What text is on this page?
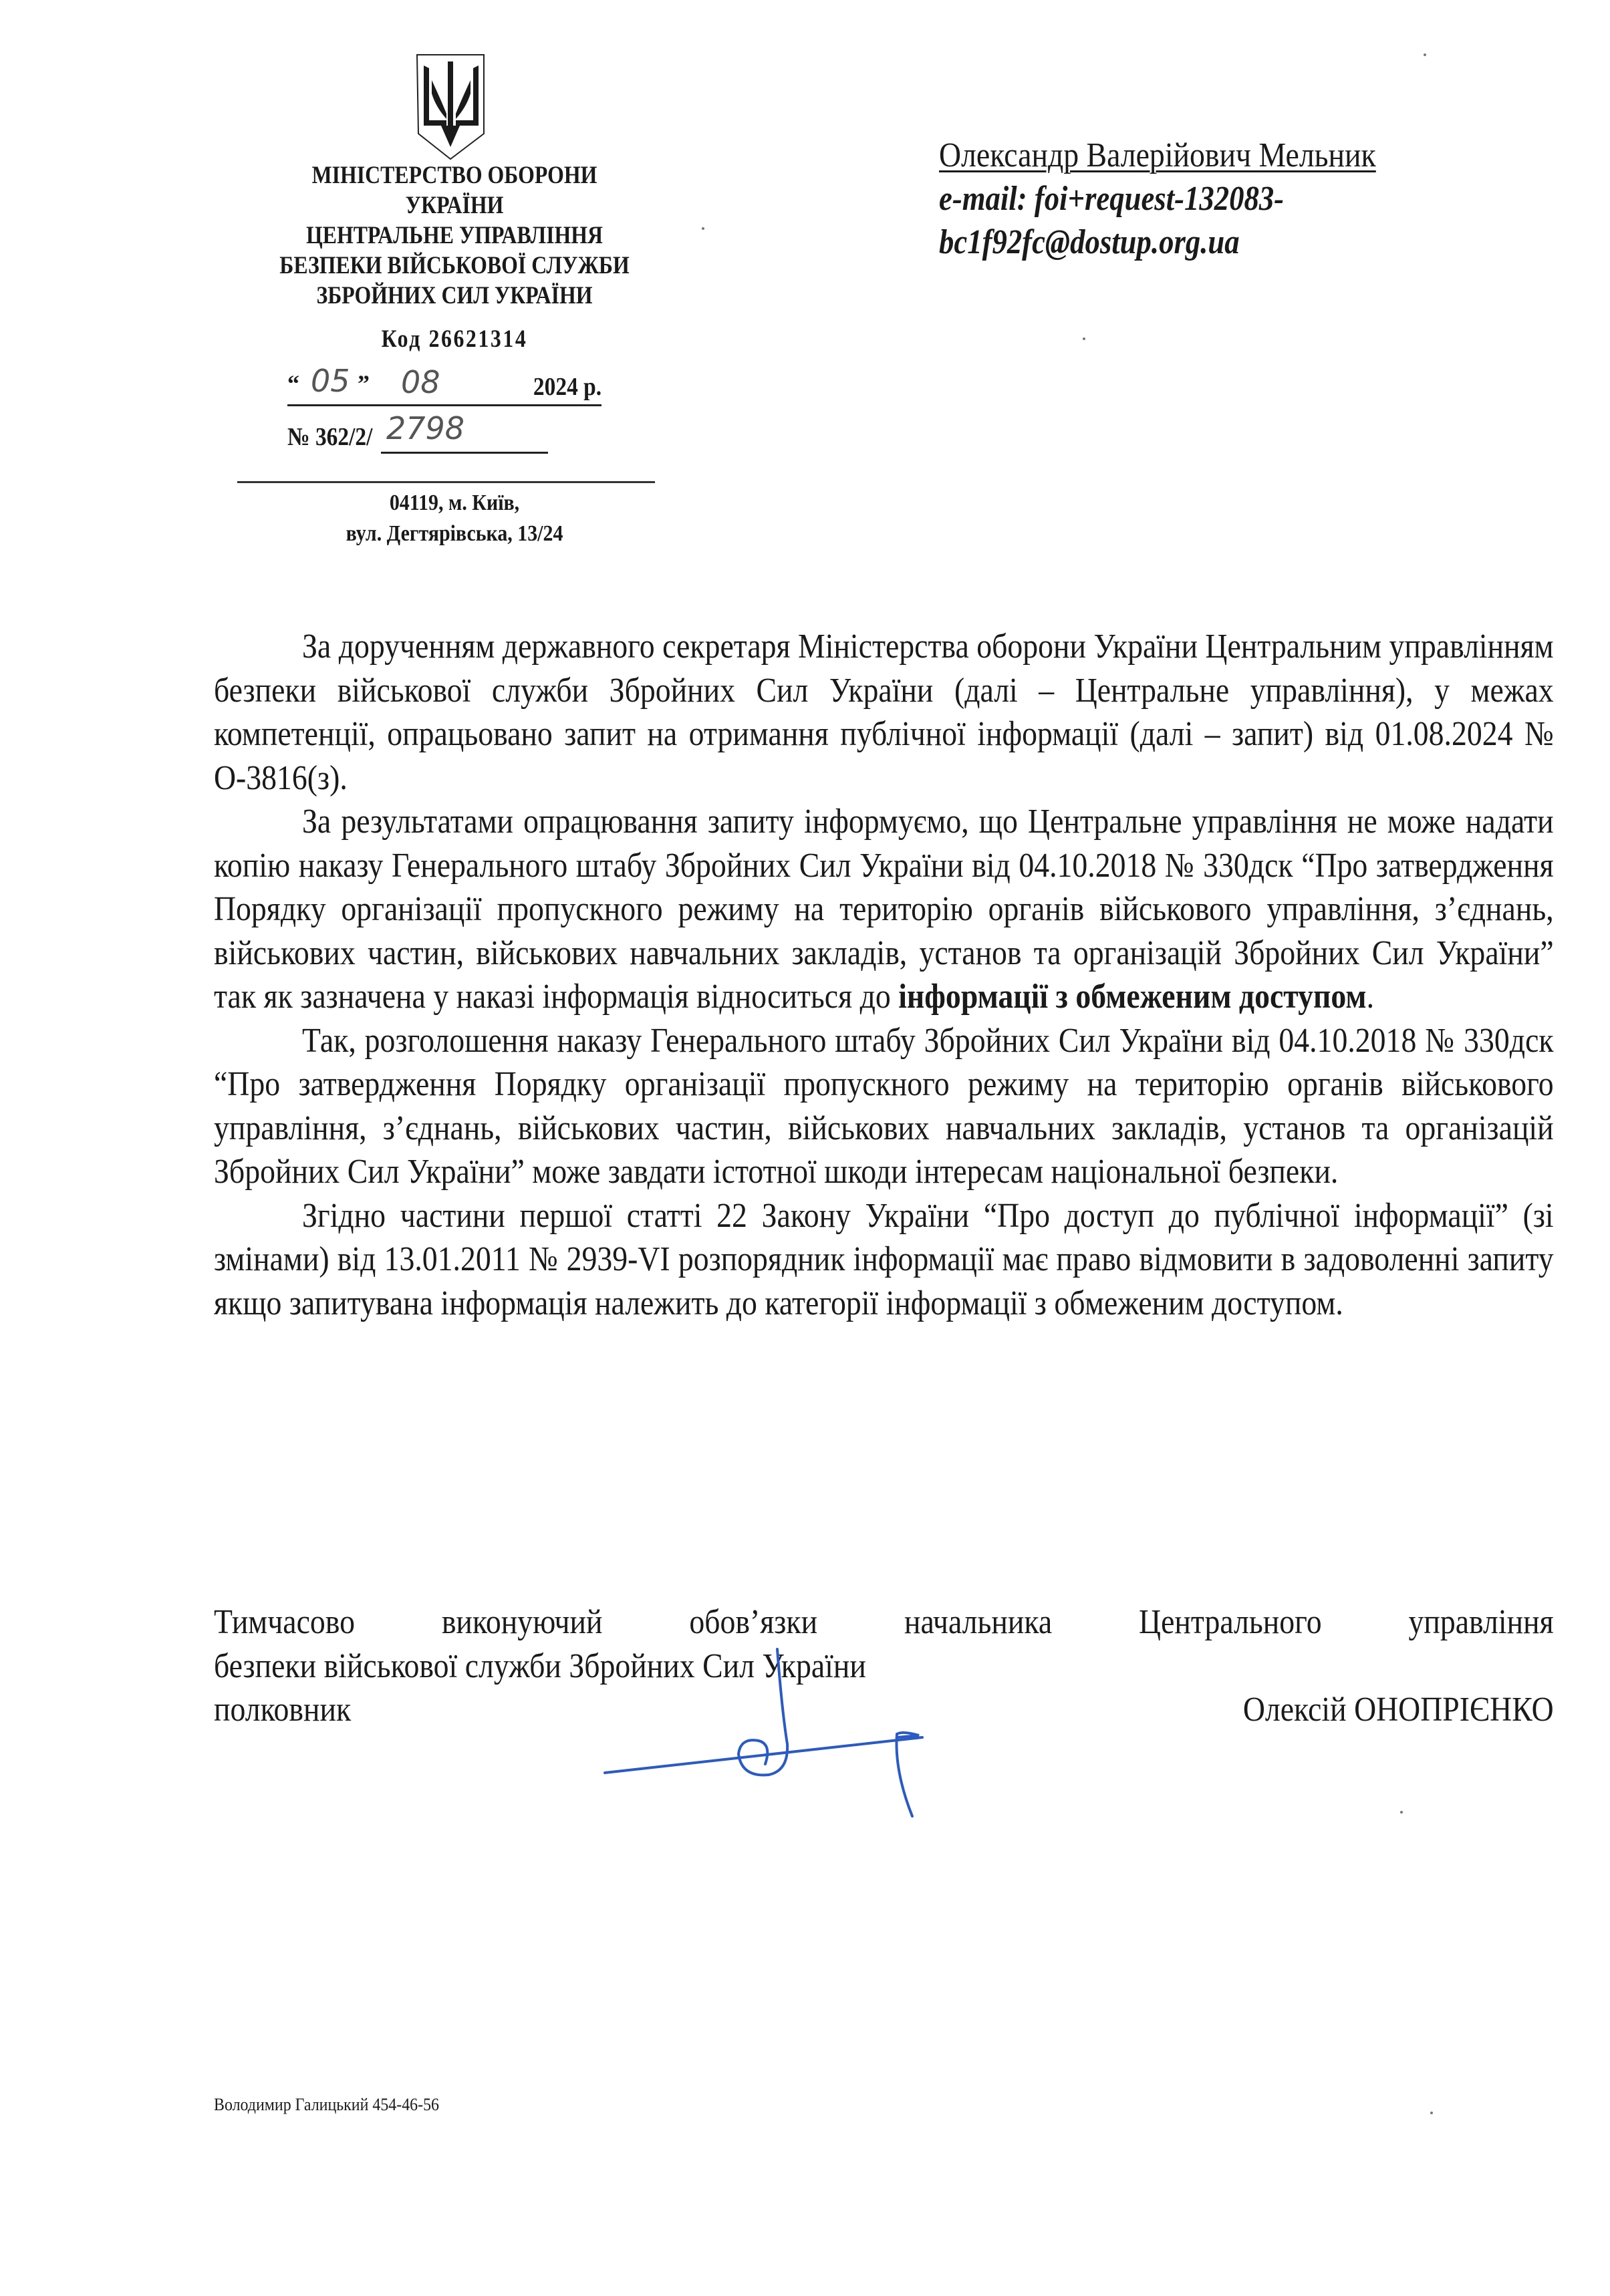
МІНІСТЕРСТВО ОБОРОНИ
УКРАЇНИ
ЦЕНТРАЛЬНЕ УПРАВЛІННЯ
БЕЗПЕКИ ВІЙСЬКОВОЇ СЛУЖБИ
ЗБРОЙНИХ СИЛ УКРАЇНИ
Код 26621314
“ 05 ” 08	2024 р.
№ 362/2/ 2798
04119, м. Київ,
вул. Дегтярівська, 13/24
Олександр Валерійович Мельник
e-mail: foi+request-132083-
bc1f92fc@dostup.org.ua

За дорученням державного секретаря Міністерства оборони України Центральним управлінням безпеки військової служби Збройних Сил України (далі – Центральне управління), у межах компетенції, опрацьовано запит на отримання публічної інформації (далі – запит) від 01.08.2024 № О-3816(з).

За результатами опрацювання запиту інформуємо, що Центральне управління не може надати копію наказу Генерального штабу Збройних Сил України від 04.10.2018 № 330дск “Про затвердження Порядку організації пропускного режиму на територію органів військового управління, з’єднань, військових частин, військових навчальних закладів, установ та організацій Збройних Сил України” так як зазначена у наказі інформація відноситься до інформації з обмеженим доступом.

Так, розголошення наказу Генерального штабу Збройних Сил України від 04.10.2018 № 330дск “Про затвердження Порядку організації пропускного режиму на територію органів військового управління, з’єднань, військових частин, військових навчальних закладів, установ та організацій Збройних Сил України” може завдати істотної шкоди інтересам національної безпеки.

Згідно частини першої статті 22 Закону України “Про доступ до публічної інформації” (зі змінами) від 13.01.2011 № 2939-VI розпорядник інформації має право відмовити в задоволенні запиту якщо запитувана інформація належить до категорії інформації з обмеженим доступом.

Тимчасово виконуючий обов’язки начальника Центрального управління
безпеки військової служби Збройних Сил України
полковник	Олексій ОНОПРІЄНКО
Володимир Галицький 454-46-56
